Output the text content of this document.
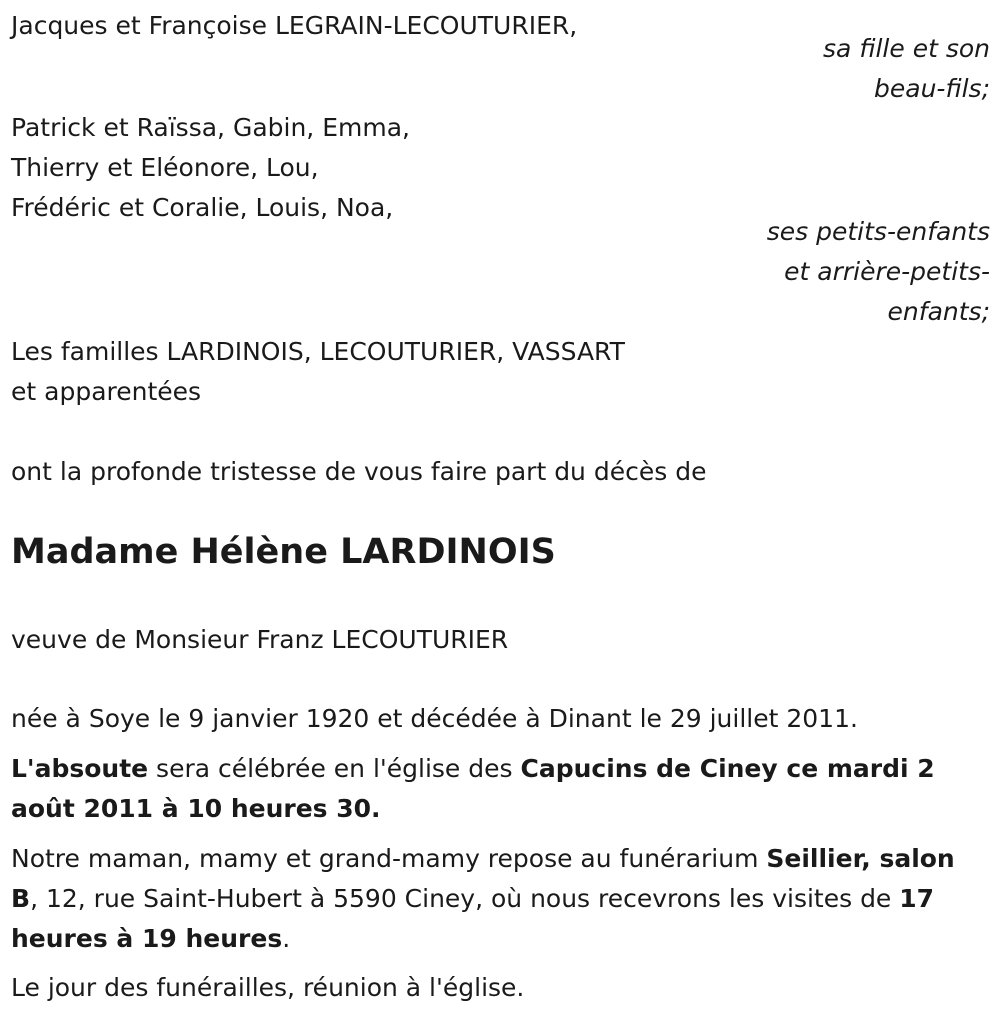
Jacques et Françoise LEGRAIN-LECOUTURIER,
sa fille et son
beau-fils;
Patrick et Raïssa, Gabin, Emma,
Thierry et Eléonore, Lou,
Frédéric et Coralie, Louis, Noa,
ses petits-enfants
et arrière-petits-
enfants;
Les familles LARDINOIS, LECOUTURIER, VASSART
et apparentées
ont la profonde tristesse de vous faire part du décès de
Madame Hélène LARDINOIS
veuve de Monsieur Franz LECOUTURIER
née à Soye le 9 janvier 1920 et décédée à Dinant le 29 juillet 2011.
L'absoute sera célébrée en l'église des Capucins de Ciney ce mardi 2 août 2011 à 10 heures 30.
Notre maman, mamy et grand-mamy repose au funérarium Seillier, salon B, 12, rue Saint-Hubert à 5590 Ciney, où nous recevrons les visites de 17 heures à 19 heures.
Le jour des funérailles, réunion à l'église.
